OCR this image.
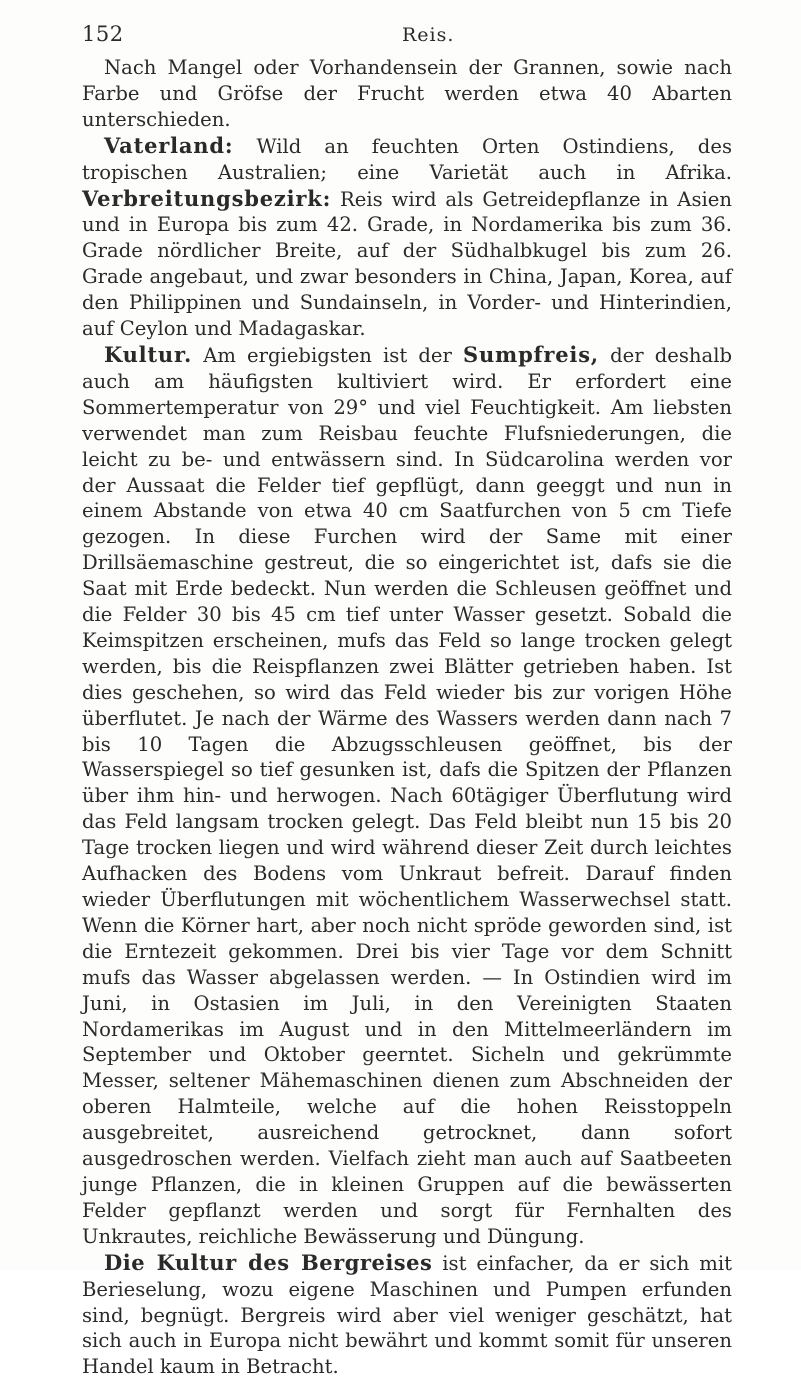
152	Reis.

Nach Mangel oder Vorhandensein der Grannen, sowie nach Farbe und Gröfse der Frucht werden etwa 40 Abarten unterschieden.

Vaterland: Wild an feuchten Orten Ostindiens, des tropischen Australien; eine Varietät auch in Afrika. Verbreitungsbezirk: Reis wird als Getreidepflanze in Asien und in Europa bis zum 42. Grade, in Nordamerika bis zum 36. Grade nördlicher Breite, auf der Südhalbkugel bis zum 26. Grade angebaut, und zwar besonders in China, Japan, Korea, auf den Philippinen und Sundainseln, in Vorder- und Hinterindien, auf Ceylon und Madagaskar.

Kultur. Am ergiebigsten ist der Sumpfreis, der deshalb auch am häufigsten kultiviert wird. Er erfordert eine Sommertemperatur von 29° und viel Feuchtigkeit. Am liebsten verwendet man zum Reisbau feuchte Flufsniederungen, die leicht zu be- und entwässern sind. In Südcarolina werden vor der Aussaat die Felder tief gepflügt, dann geeggt und nun in einem Abstande von etwa 40 cm Saatfurchen von 5 cm Tiefe gezogen. In diese Furchen wird der Same mit einer Drillsäemaschine gestreut, die so eingerichtet ist, dafs sie die Saat mit Erde bedeckt. Nun werden die Schleusen geöffnet und die Felder 30 bis 45 cm tief unter Wasser gesetzt. Sobald die Keimspitzen erscheinen, mufs das Feld so lange trocken gelegt werden, bis die Reispflanzen zwei Blätter getrieben haben. Ist dies geschehen, so wird das Feld wieder bis zur vorigen Höhe überflutet. Je nach der Wärme des Wassers werden dann nach 7 bis 10 Tagen die Abzugsschleusen geöffnet, bis der Wasserspiegel so tief gesunken ist, dafs die Spitzen der Pflanzen über ihm hin- und herwogen. Nach 60tägiger Überflutung wird das Feld langsam trocken gelegt. Das Feld bleibt nun 15 bis 20 Tage trocken liegen und wird während dieser Zeit durch leichtes Aufhacken des Bodens vom Unkraut befreit. Darauf finden wieder Überflutungen mit wöchentlichem Wasserwechsel statt. Wenn die Körner hart, aber noch nicht spröde geworden sind, ist die Erntezeit gekommen. Drei bis vier Tage vor dem Schnitt mufs das Wasser abgelassen werden. — In Ostindien wird im Juni, in Ostasien im Juli, in den Vereinigten Staaten Nordamerikas im August und in den Mittelmeerländern im September und Oktober geerntet. Sicheln und gekrümmte Messer, seltener Mähemaschinen dienen zum Abschneiden der oberen Halmteile, welche auf die hohen Reisstoppeln ausgebreitet, ausreichend getrocknet, dann sofort ausgedroschen werden. Vielfach zieht man auch auf Saatbeeten junge Pflanzen, die in kleinen Gruppen auf die bewässerten Felder gepflanzt werden und sorgt für Fernhalten des Unkrautes, reichliche Bewässerung und Düngung.

Die Kultur des Bergreises ist einfacher, da er sich mit Berieselung, wozu eigene Maschinen und Pumpen erfunden sind, begnügt. Bergreis wird aber viel weniger geschätzt, hat sich auch in Europa nicht bewährt und kommt somit für unseren Handel kaum in Betracht.
